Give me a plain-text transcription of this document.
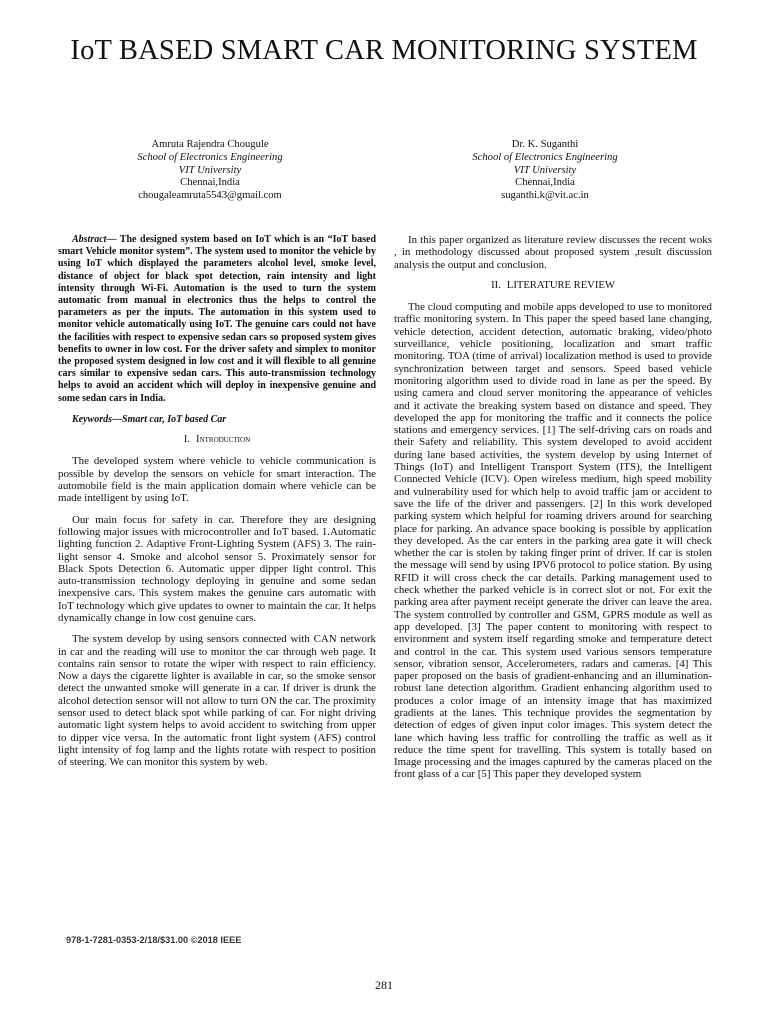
IoT BASED SMART CAR MONITORING SYSTEM
Amruta Rajendra Chougule
School of Electronics Engineering
VIT University
Chennai,India
chougaleamruta5543@gmail.com
Dr. K. Suganthi
School of Electronics Engineering
VIT University
Chennai,India
suganthi.k@vit.ac.in

Abstract— The designed system based on IoT which is an “IoT based smart Vehicle monitor system”. The system used to monitor the vehicle by using IoT which displayed the parameters alcohol level, smoke level, distance of object for black spot detection, rain intensity and light intensity through Wi-Fi. Automation is the used to turn the system automatic from manual in electronics thus the helps to control the parameters as per the inputs. The automation in this system used to monitor vehicle automatically using IoT. The genuine cars could not have the facilities with respect to expensive sedan cars so proposed system gives benefits to owner in low cost. For the driver safety and simplex to monitor the proposed system designed in low cost and it will flexible to all genuine cars similar to expensive sedan cars. This auto-transmission technology helps to avoid an accident which will deploy in inexpensive genuine and some sedan cars in India.

Keywords—Smart car, IoT based Car

I. Introduction

The developed system where vehicle to vehicle communication is possible by develop the sensors on vehicle for smart interaction. The automobile field is the main application domain where vehicle can be made intelligent by using IoT.

Our main focus for safety in car. Therefore they are designing following major issues with microcontroller and IoT based. 1.Automatic lighting function 2. Adaptive Front-Lighting System (AFS) 3. The rain-light sensor 4. Smoke and alcohol sensor 5. Proximately sensor for Black Spots Detection 6. Automatic upper dipper light control. This auto-transmission technology deploying in genuine and some sedan inexpensive cars. This system makes the genuine cars automatic with IoT technology which give updates to owner to maintain the car. It helps dynamically change in low cost genuine cars.

The system develop by using sensors connected with CAN network in car and the reading will use to monitor the car through web page. It contains rain sensor to rotate the wiper with respect to rain efficiency. Now a days the cigarette lighter is available in car, so the smoke sensor detect the unwanted smoke will generate in a car. If driver is drunk the alcohol detection sensor will not allow to turn ON the car. The proximity sensor used to detect black spot while parking of car. For night driving automatic light system helps to avoid accident to switching from upper to dipper vice versa. In the automatic front light system (AFS) control light intensity of fog lamp and the lights rotate with respect to position of steering. We can monitor this system by web.

In this paper organized as literature review discusses the recent woks , in methodology discussed about proposed system ,result discussion analysis the output and conclusion.

II. LITERATURE REVIEW

The cloud computing and mobile apps developed to use to monitored traffic monitoring system. In This paper the speed based lane changing, vehicle detection, accident detection, automatic braking, video/photo surveillance, vehicle positioning, localization and smart traffic monitoring. TOA (time of arrival) localization method is used to provide synchronization between target and sensors. Speed based vehicle monitoring algorithm used to divide road in lane as per the speed. By using camera and cloud server monitoring the appearance of vehicles and it activate the breaking system based on distance and speed. They developed the app for monitoring the traffic and it connects the police stations and emergency services. [1] The self-driving cars on roads and their Safety and reliability. This system developed to avoid accident during lane based activities, the system develop by using Internet of Things (IoT) and Intelligent Transport System (ITS), the Intelligent Connected Vehicle (ICV). Open wireless medium, high speed mobility and vulnerability used for which help to avoid traffic jam or accident to save the life of the driver and passengers. [2] In this work developed parking system which helpful for roaming drivers around for searching place for parking. An advance space booking is possible by application they developed. As the car enters in the parking area gate it will check whether the car is stolen by taking finger print of driver. If car is stolen the message will send by using IPV6 protocol to police station. By using RFID it will cross check the car details. Parking management used to check whether the parked vehicle is in correct slot or not. For exit the parking area after payment receipt generate the driver can leave the area. The system controlled by controller and GSM, GPRS module as well as app developed. [3] The paper content to monitoring with respect to environment and system itself regarding smoke and temperature detect and control in the car. This system used various sensors temperature sensor, vibration sensor, Accelerometers, radars and cameras. [4] This paper proposed on the basis of gradient-enhancing and an illumination-robust lane detection algorithm. Gradient enhancing algorithm used to produces a color image of an intensity image that has maximized gradients at the lanes. This technique provides the segmentation by detection of edges of given input color images. This system detect the lane which having less traffic for controlling the traffic as well as it reduce the time spent for travelling. This system is totally based on Image processing and the images captured by the cameras placed on the front glass of a car [5] This paper they developed system

978-1-7281-0353-2/18/$31.00 ©2018 IEEE
281
